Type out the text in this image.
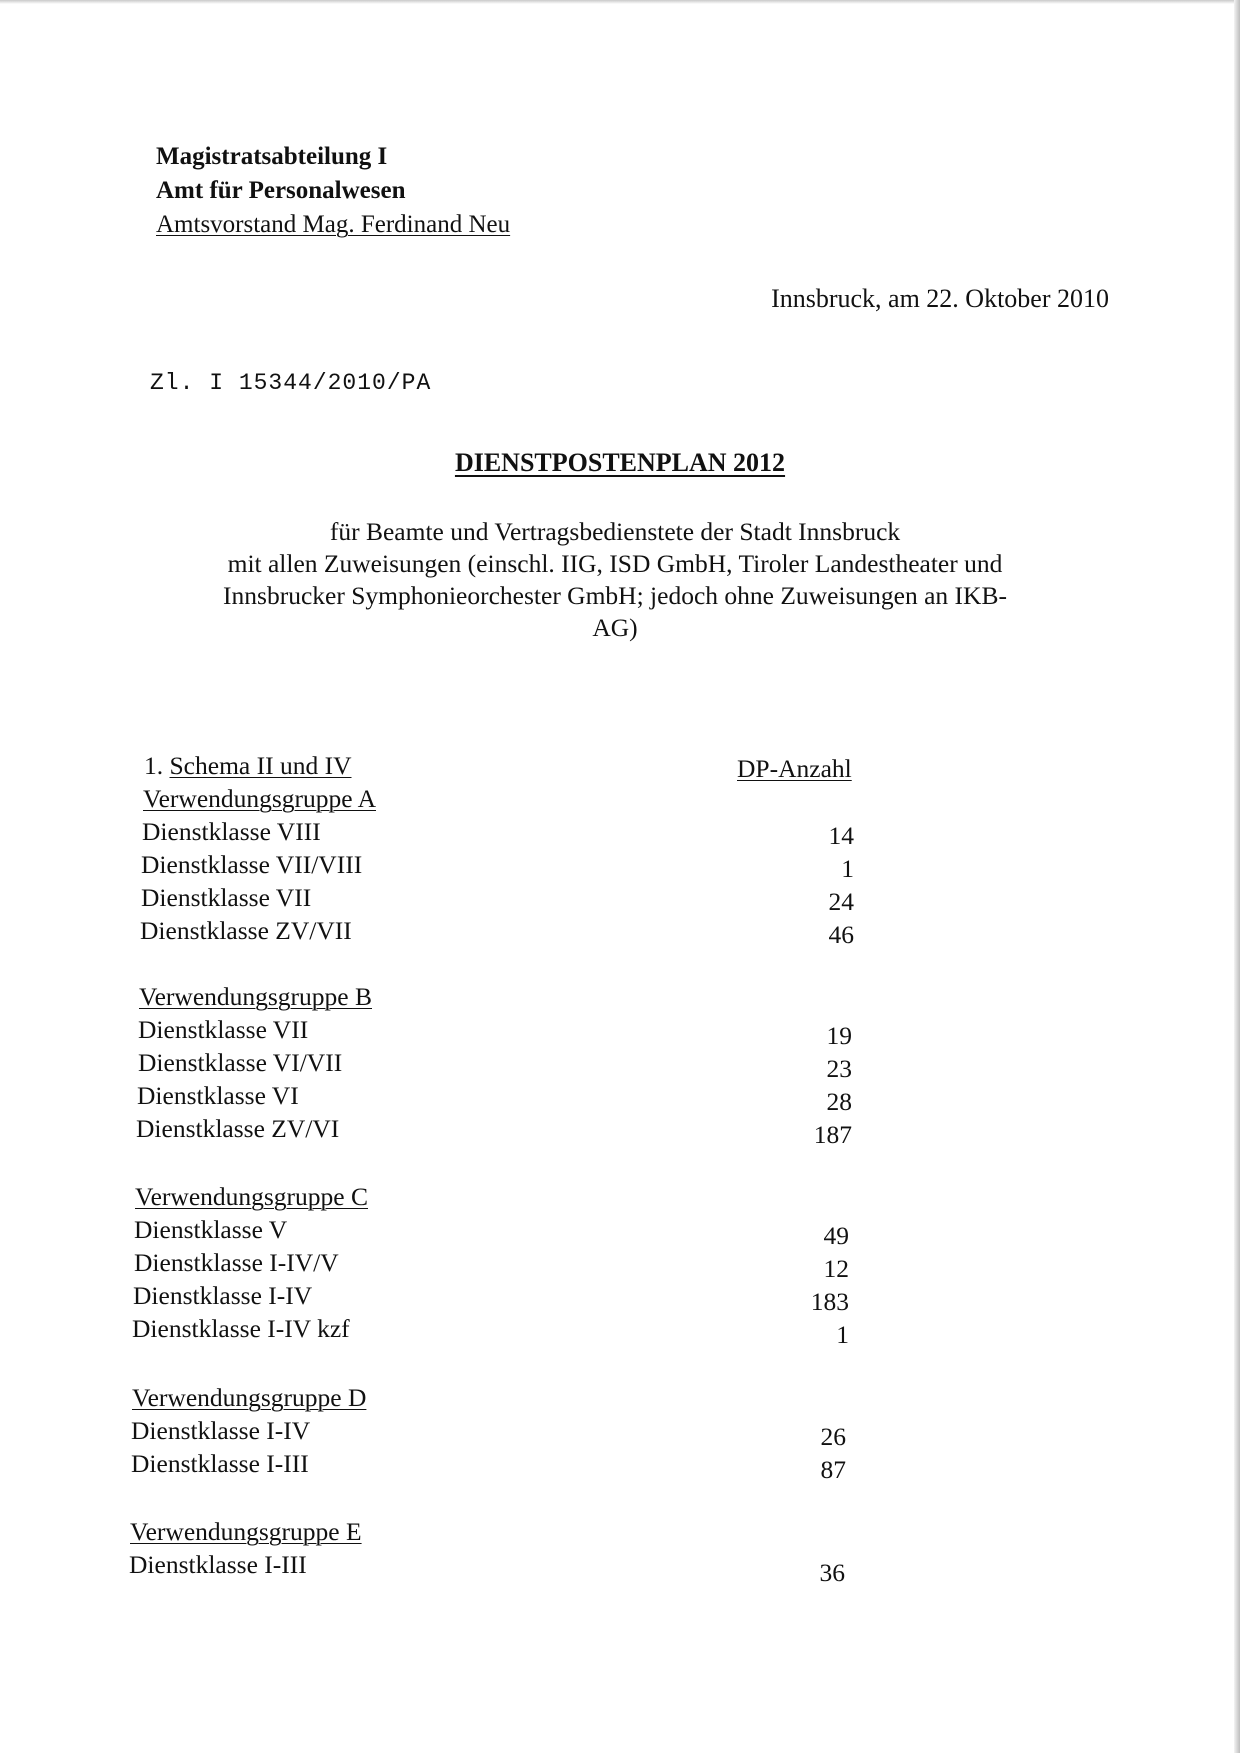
Magistratsabteilung I
Amt für Personalwesen
Amtsvorstand Mag. Ferdinand Neu
Innsbruck, am 22. Oktober 2010
Zl. I 15344/2010/PA
DIENSTPOSTENPLAN 2012
für Beamte und Vertragsbedienstete der Stadt Innsbruck
mit allen Zuweisungen (einschl. IIG, ISD GmbH, Tiroler Landestheater und
Innsbrucker Symphonieorchester GmbH; jedoch ohne Zuweisungen an IKB-
AG)
1. Schema II und IV	DP-Anzahl
Verwendungsgruppe A
Dienstklasse VIII	14
Dienstklasse VII/VIII	1
Dienstklasse VII	24
Dienstklasse ZV/VII	46
Verwendungsgruppe B
Dienstklasse VII	19
Dienstklasse VI/VII	23
Dienstklasse VI	28
Dienstklasse ZV/VI	187
Verwendungsgruppe C
Dienstklasse V	49
Dienstklasse I-IV/V	12
Dienstklasse I-IV	183
Dienstklasse I-IV kzf	1
Verwendungsgruppe D
Dienstklasse I-IV	26
Dienstklasse I-III	87
Verwendungsgruppe E
Dienstklasse I-III	36
